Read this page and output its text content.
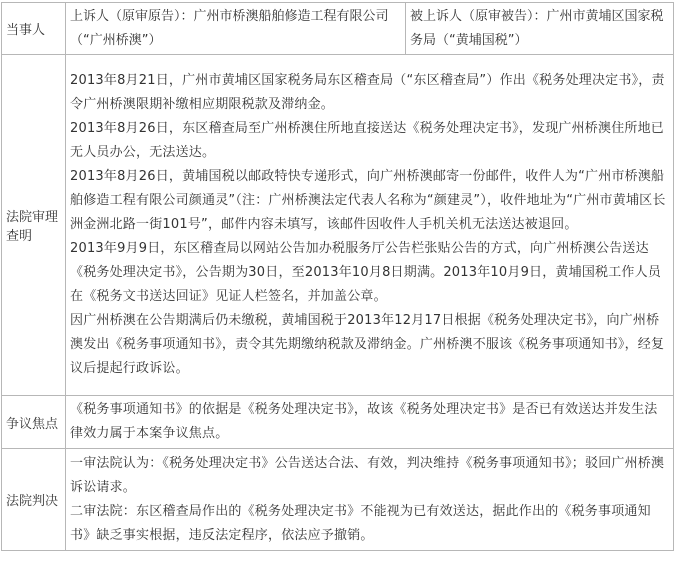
当事人	上诉人（原审原告）：广州市桥澳船舶修造工程有限公司（“广州桥澳”）	被上诉人（原审被告）：广州市黄埔区国家税务局（“黄埔国税”）

法院审理查明	2013年8月21日，广州市黄埔区国家税务局东区稽查局（“东区稽查局”）作出《税务处理决定书》，责令广州桥澳限期补缴相应期限税款及滞纳金。
2013年8月26日，东区稽查局至广州桥澳住所地直接送达《税务处理决定书》，发现广州桥澳住所地已无人员办公，无法送达。
2013年8月26日，黄埔国税以邮政特快专递形式，向广州桥澳邮寄一份邮件，收件人为“广州市桥澳船舶修造工程有限公司颜通灵”（注：广州桥澳法定代表人名称为“颜建灵”），收件地址为“广州市黄埔区长洲金洲北路一街101号”，邮件内容未填写，该邮件因收件人手机关机无法送达被退回。
2013年9月9日，东区稽查局以网站公告加办税服务厅公告栏张贴公告的方式，向广州桥澳公告送达《税务处理决定书》，公告期为30日，至2013年10月8日期满。2013年10月9日，黄埔国税工作人员在《税务文书送达回证》见证人栏签名，并加盖公章。
因广州桥澳在公告期满后仍未缴税，黄埔国税于2013年12月17日根据《税务处理决定书》，向广州桥澳发出《税务事项通知书》，责令其先期缴纳税款及滞纳金。广州桥澳不服该《税务事项通知书》，经复议后提起行政诉讼。	

争议焦点	《税务事项通知书》的依据是《税务处理决定书》，故该《税务处理决定书》是否已有效送达并发生法律效力属于本案争议焦点。	

法院判决	一审法院认为：《税务处理决定书》公告送达合法、有效，判决维持《税务事项通知书》；驳回广州桥澳诉讼请求。
二审法院：东区稽查局作出的《税务处理决定书》不能视为已有效送达，据此作出的《税务事项通知书》缺乏事实根据，违反法定程序，依法应予撤销。	
